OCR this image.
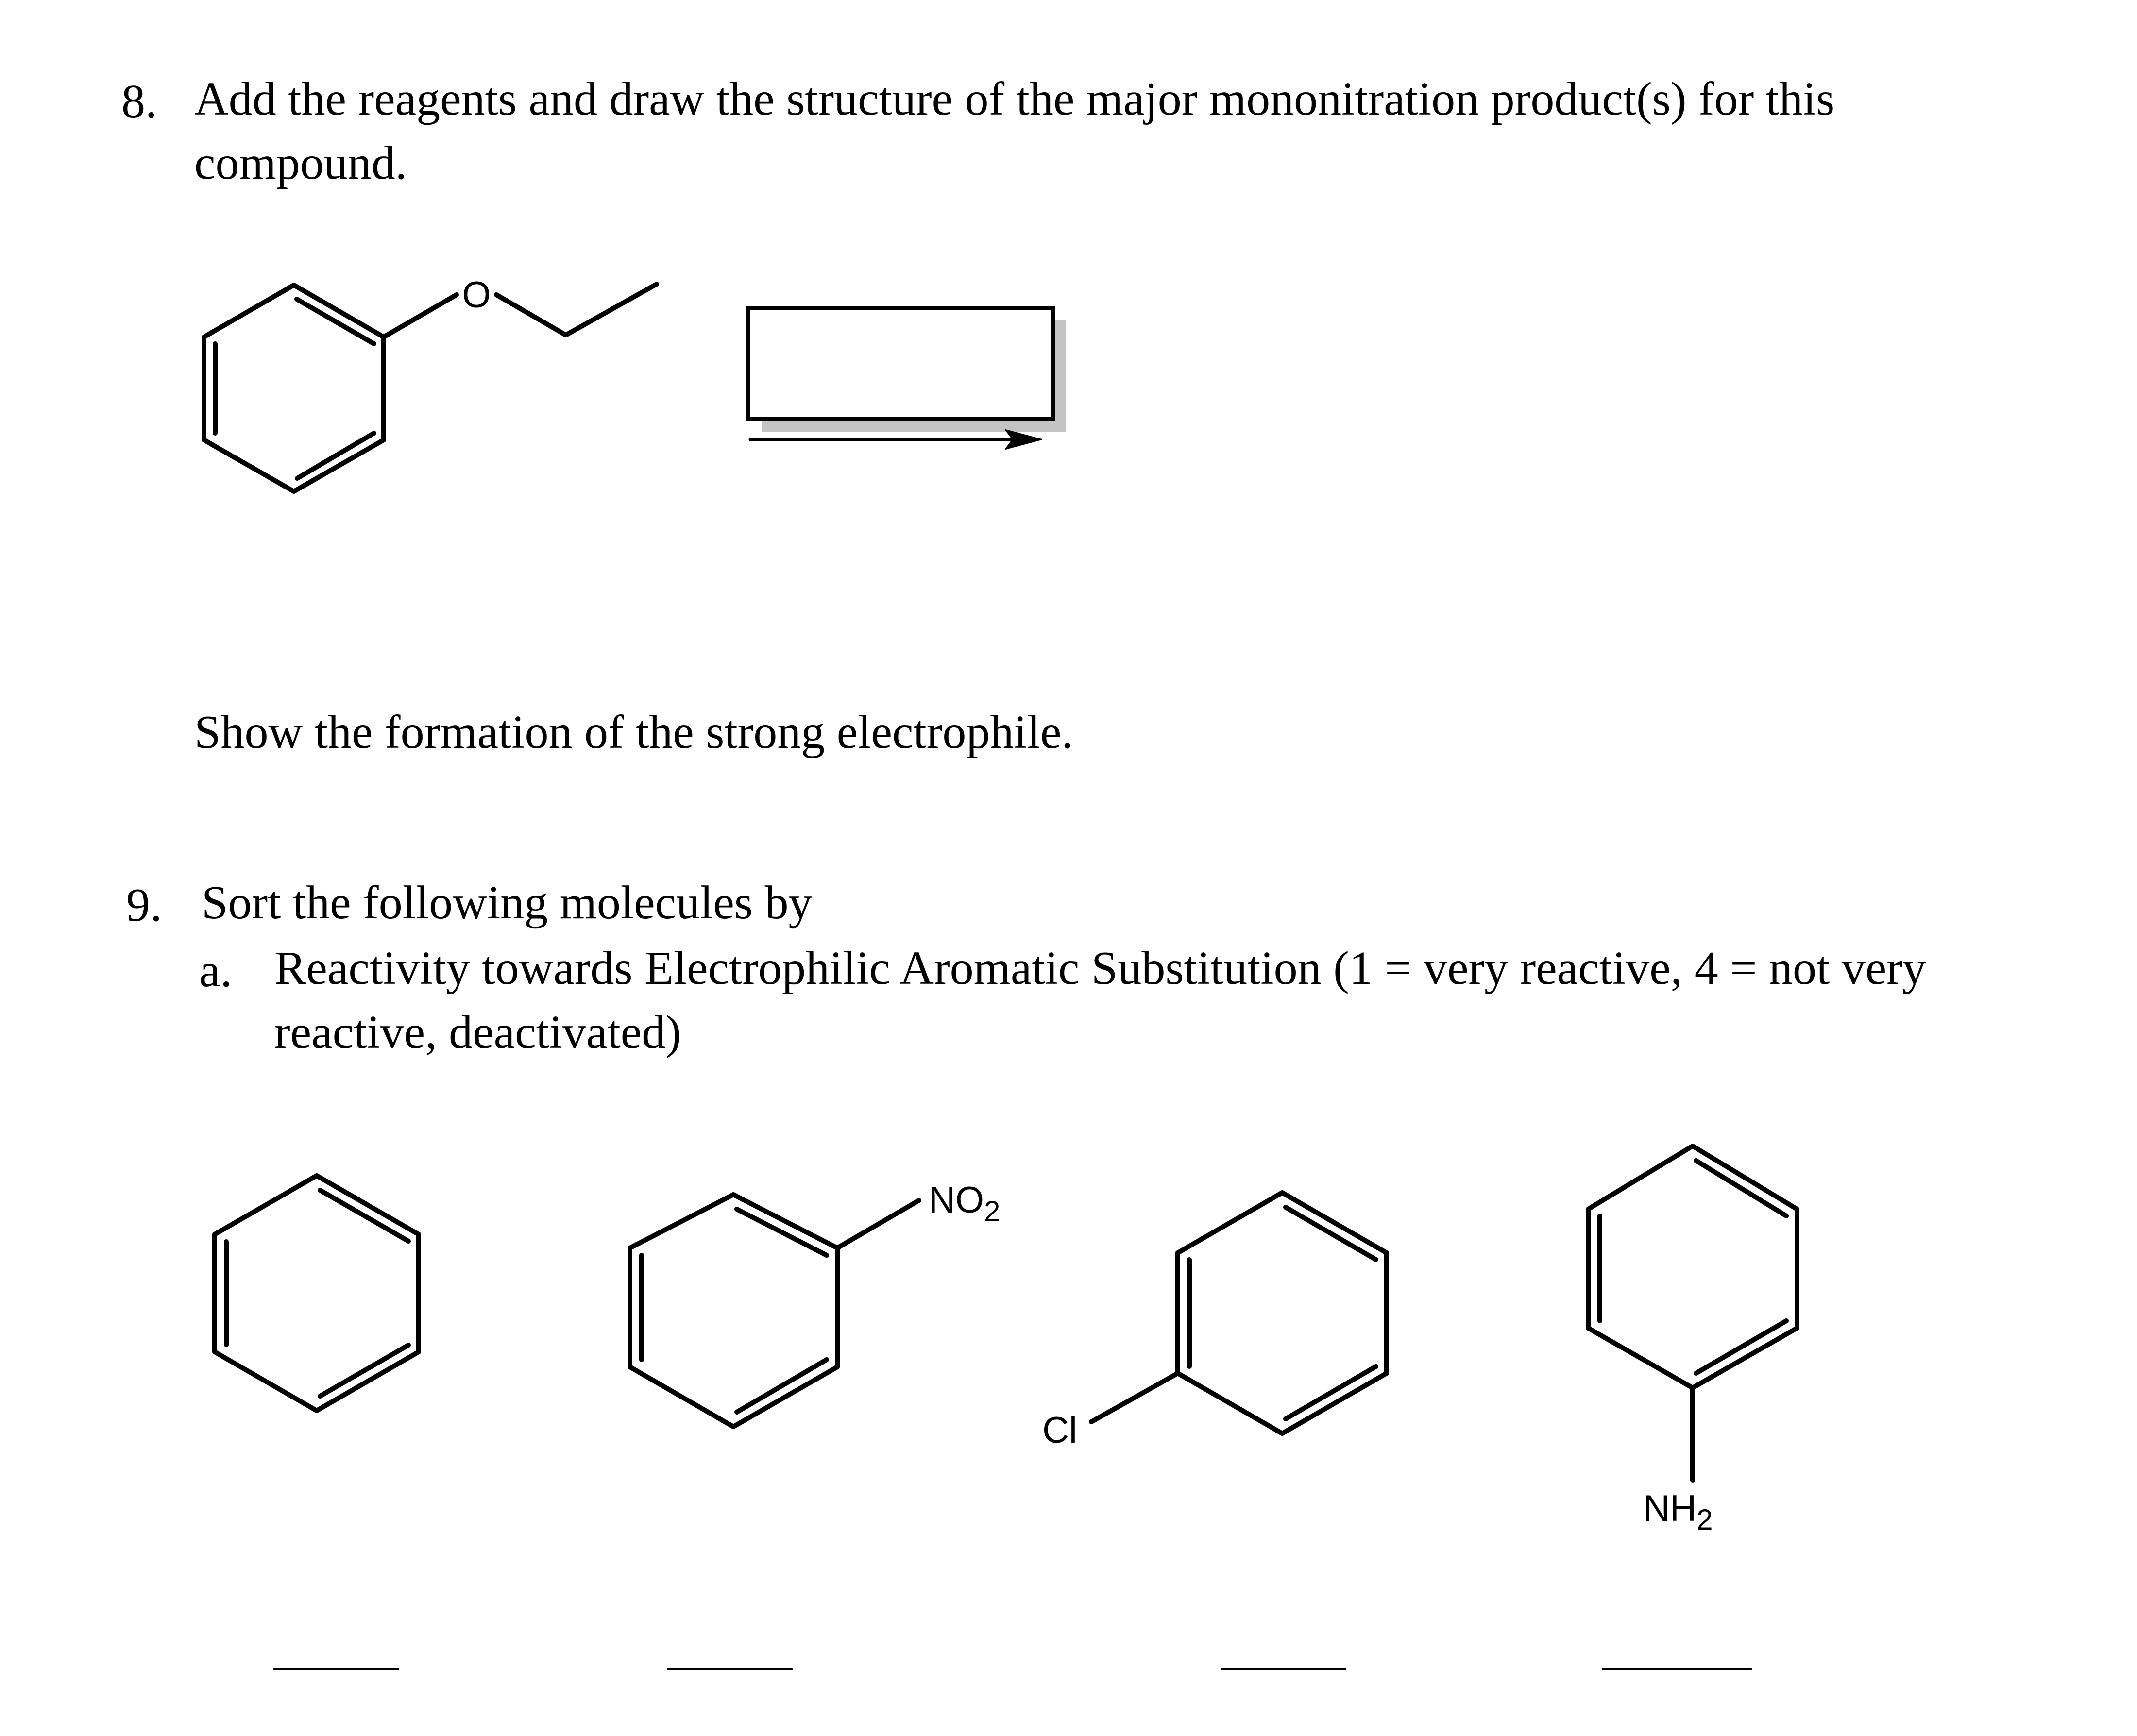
8. Add the reagents and draw the structure of the major mononitration product(s) for this compound.
Show the formation of the strong electrophile.
9. Sort the following molecules by
a. Reactivity towards Electrophilic Aromatic Substitution (1 = very reactive, 4 = not very reactive, deactivated)
O
$NO_2$
Cl
$NH_2$
